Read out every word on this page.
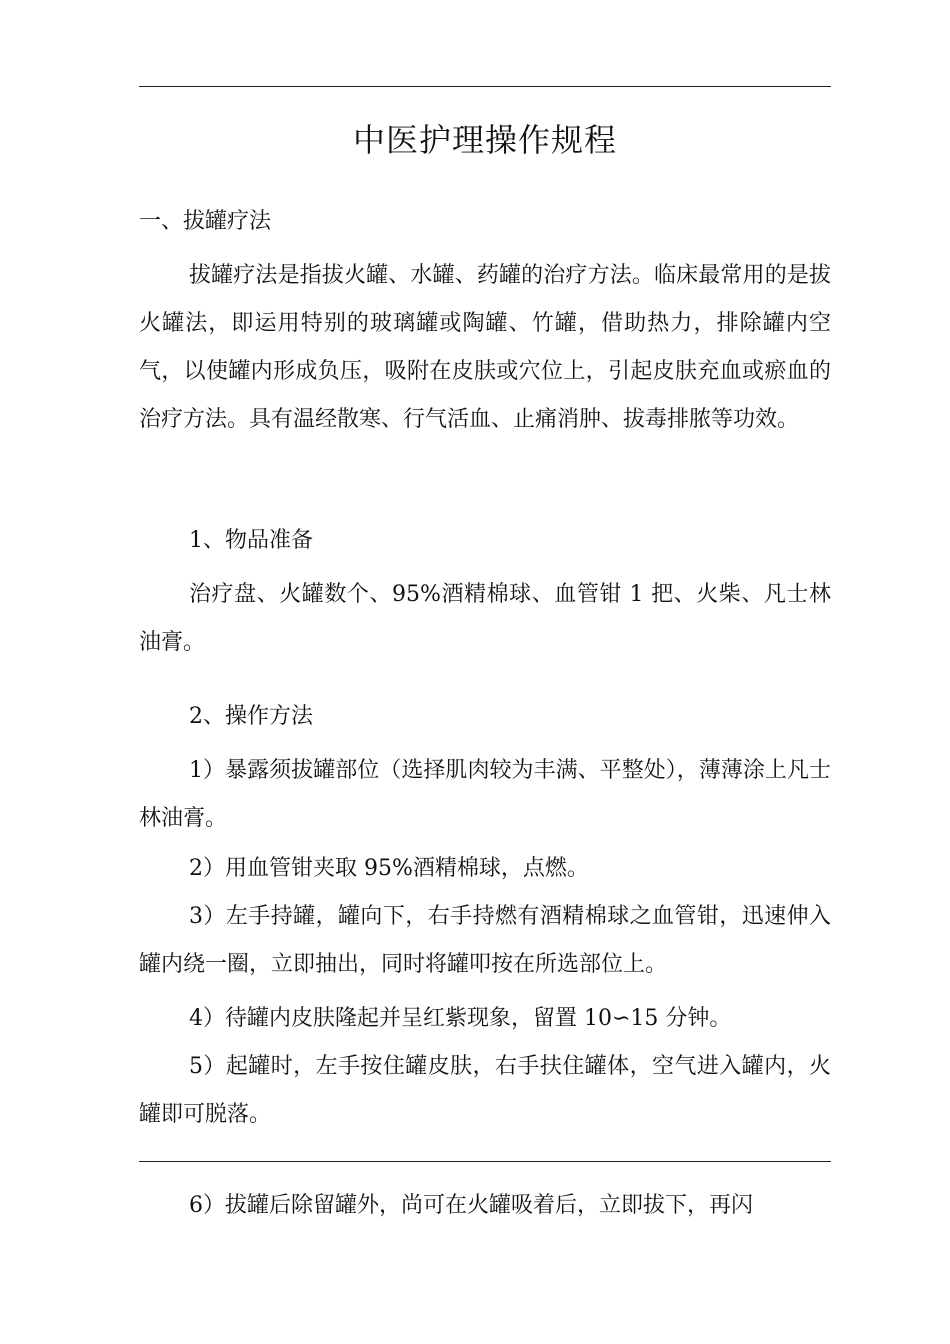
中医护理操作规程

一、拔罐疗法

拔罐疗法是指拔火罐、水罐、药罐的治疗方法。临床最常用的是拔火罐法，即运用特别的玻璃罐或陶罐、竹罐，借助热力，排除罐内空气，以使罐内形成负压，吸附在皮肤或穴位上，引起皮肤充血或瘀血的治疗方法。具有温经散寒、行气活血、止痛消肿、拔毒排脓等功效。

1、物品准备

治疗盘、火罐数个、95%酒精棉球、血管钳 1 把、火柴、凡士林油膏。

2、操作方法

1）暴露须拔罐部位（选择肌肉较为丰满、平整处），薄薄涂上凡士林油膏。

2）用血管钳夹取 95%酒精棉球，点燃。

3）左手持罐，罐向下，右手持燃有酒精棉球之血管钳，迅速伸入罐内绕一圈，立即抽出，同时将罐叩按在所选部位上。

4）待罐内皮肤隆起并呈红紫现象，留置 10∽15 分钟。

5）起罐时，左手按住罐皮肤，右手扶住罐体，空气进入罐内，火罐即可脱落。

6）拔罐后除留罐外，尚可在火罐吸着后，立即拔下，再闪
